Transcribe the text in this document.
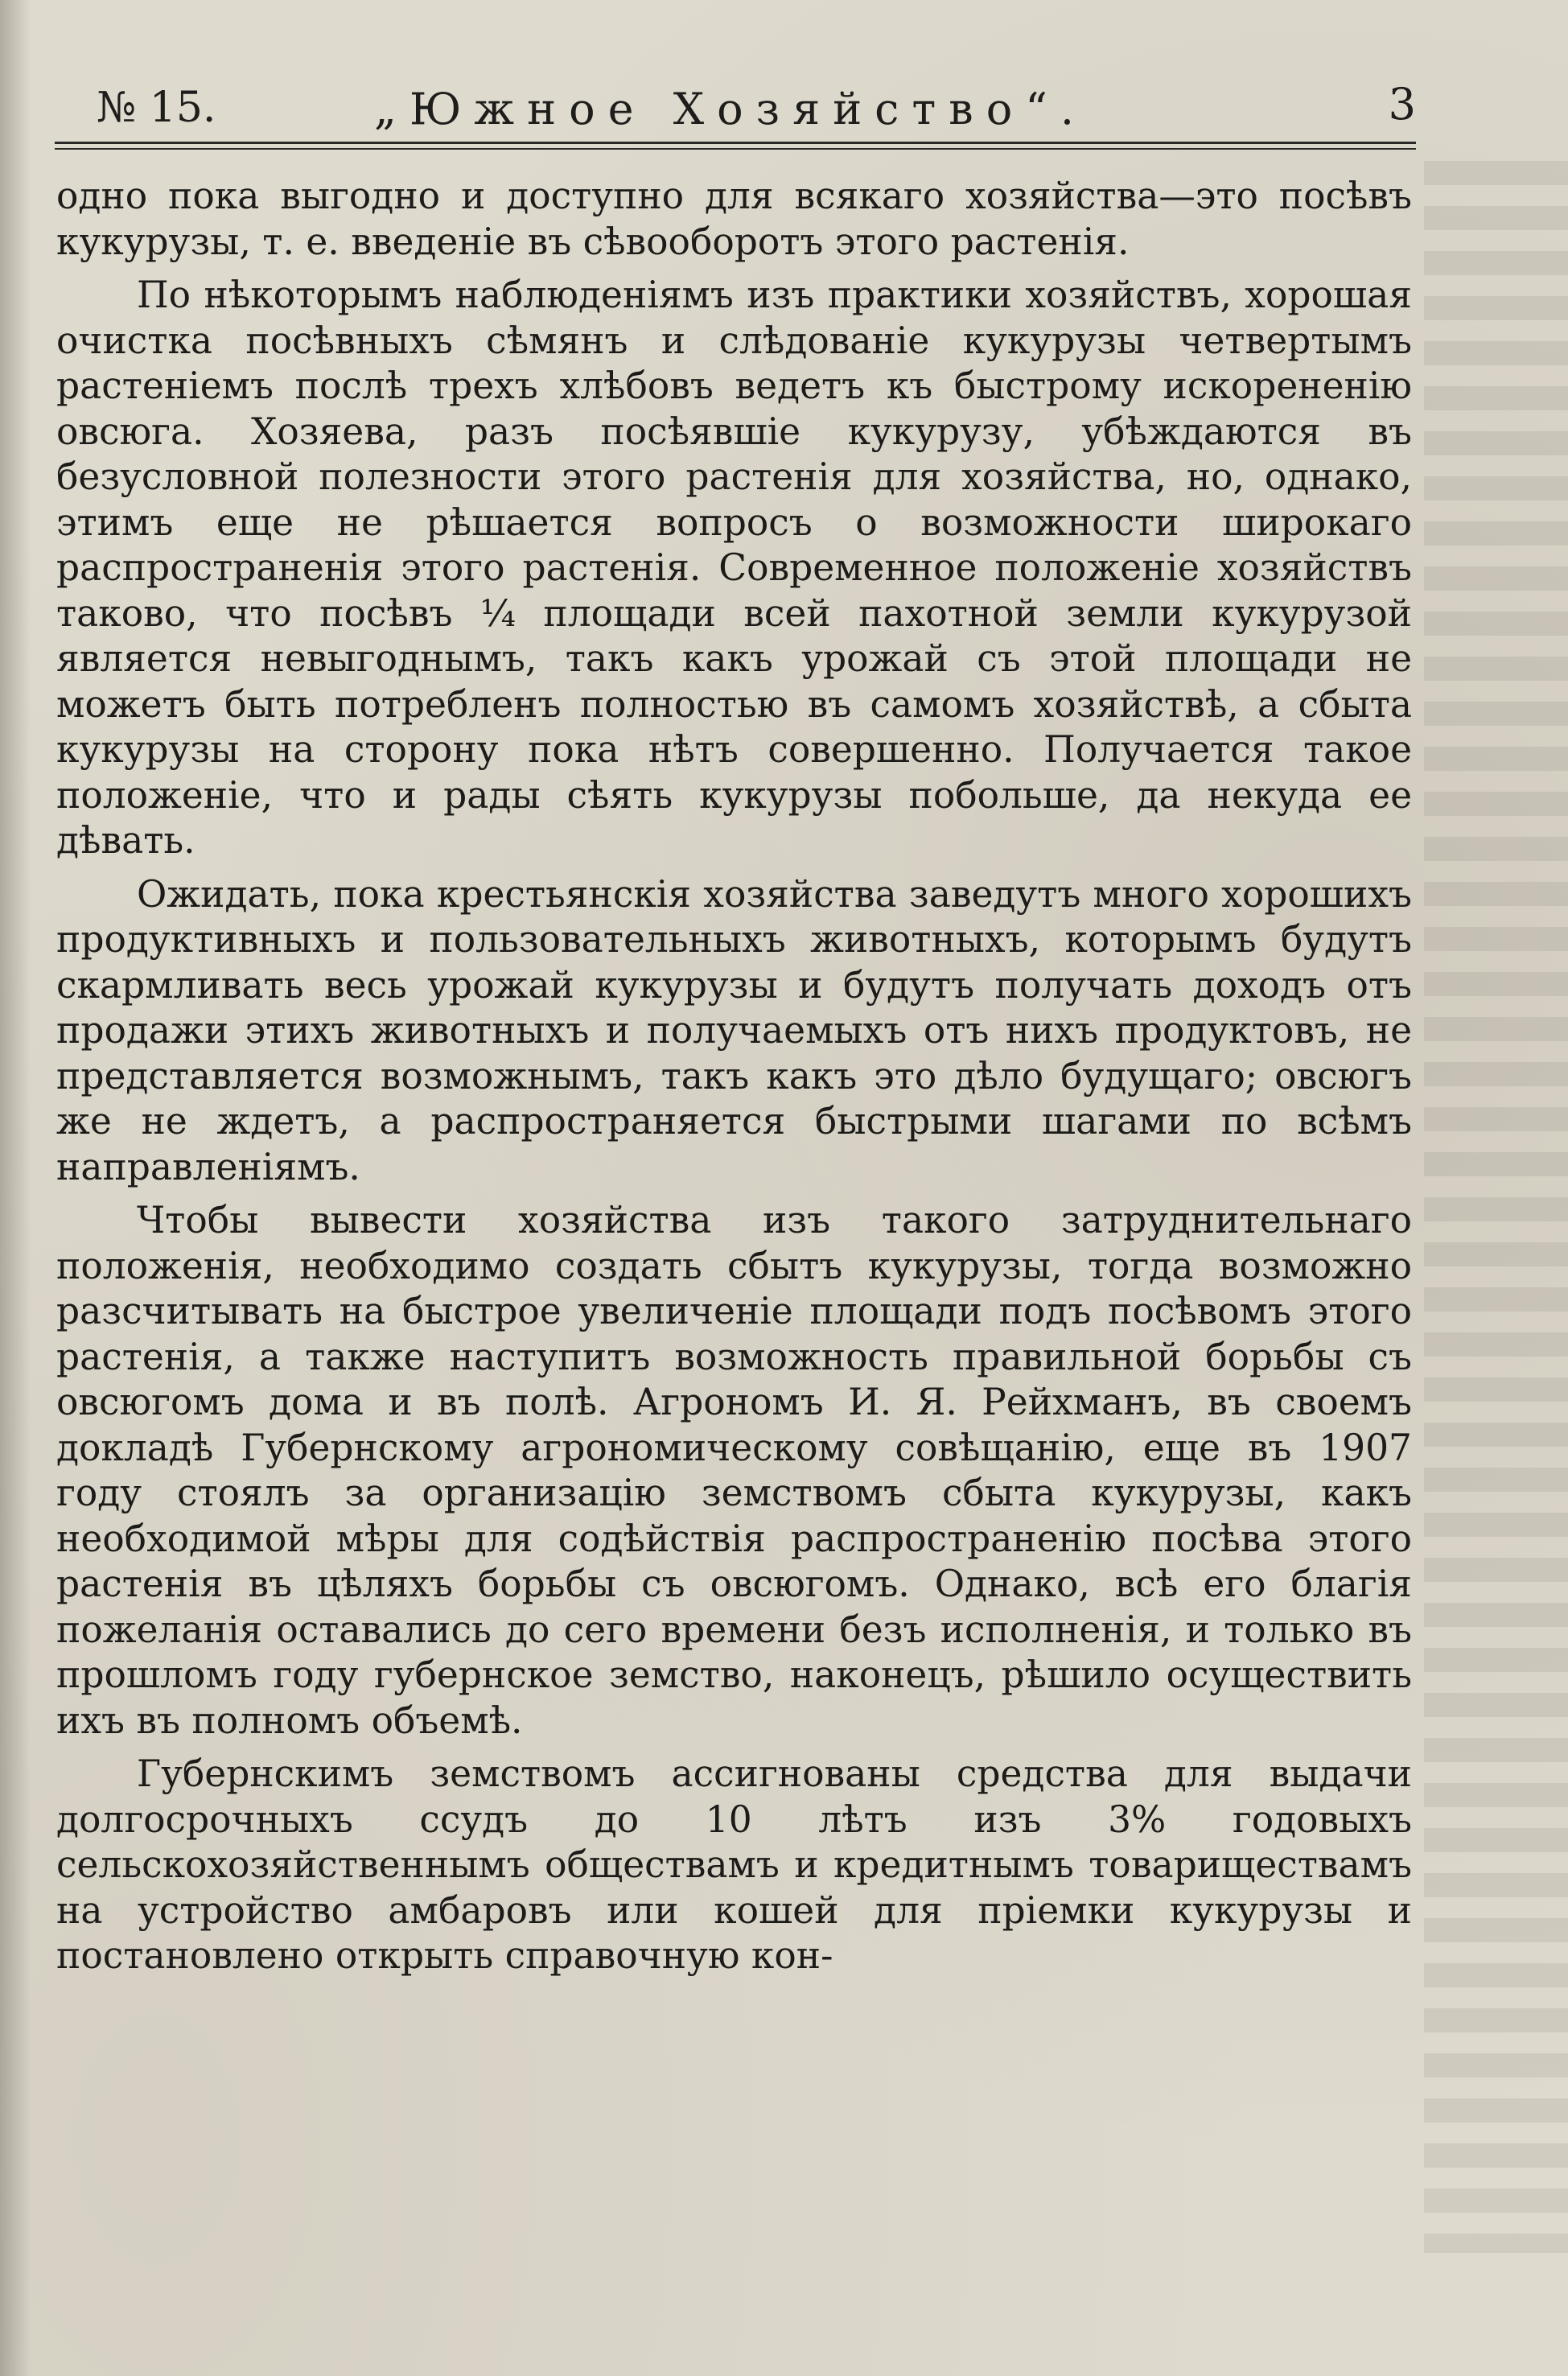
№ 15.	„Южное Хозяйство“.	3

одно пока выгодно и доступно для всякаго хозяйства—это посѣвъ кукурузы, т. е. введеніе въ сѣвооборотъ этого растенія.

По нѣкоторымъ наблюденіямъ изъ практики хозяйствъ, хорошая очистка посѣвныхъ сѣмянъ и слѣдованіе кукурузы четвертымъ растеніемъ послѣ трехъ хлѣбовъ ведетъ къ быстрому искорененію овсюга. Хозяева, разъ посѣявшіе кукурузу, убѣждаются въ безусловной полезности этого растенія для хозяйства, но, однако, этимъ еще не рѣшается вопросъ о возможности широкаго распространенія этого растенія. Современное положеніе хозяйствъ таково, что посѣвъ ¼ площади всей пахотной земли кукурузой является невыгоднымъ, такъ какъ урожай съ этой площади не можетъ быть потребленъ полностью въ самомъ хозяйствѣ, а сбыта кукурузы на сторону пока нѣтъ совершенно. Получается такое положеніе, что и рады сѣять кукурузы побольше, да некуда ее дѣвать.

Ожидать, пока крестьянскія хозяйства заведутъ много хорошихъ продуктивныхъ и пользовательныхъ животныхъ, которымъ будутъ скармливать весь урожай кукурузы и будутъ получать доходъ отъ продажи этихъ животныхъ и получаемыхъ отъ нихъ продуктовъ, не представляется возможнымъ, такъ какъ это дѣло будущаго; овсюгъ же не ждетъ, а распространяется быстрыми шагами по всѣмъ направленіямъ.

Чтобы вывести хозяйства изъ такого затруднительнаго положенія, необходимо создать сбытъ кукурузы, тогда возможно разсчитывать на быстрое увеличеніе площади подъ посѣвомъ этого растенія, а также наступитъ возможность правильной борьбы съ овсюгомъ дома и въ полѣ. Агрономъ И. Я. Рейхманъ, въ своемъ докладѣ Губернскому агрономическому совѣщанію, еще въ 1907 году стоялъ за организацію земствомъ сбыта кукурузы, какъ необходимой мѣры для содѣйствія распространенію посѣва этого растенія въ цѣляхъ борьбы съ овсюгомъ. Однако, всѣ его благія пожеланія оставались до сего времени безъ исполненія, и только въ прошломъ году губернское земство, наконецъ, рѣшило осуществить ихъ въ полномъ объемѣ.

Губернскимъ земствомъ ассигнованы средства для выдачи долгосрочныхъ ссудъ до 10 лѣтъ изъ 3% годовыхъ сельскохозяйственнымъ обществамъ и кредитнымъ товариществамъ на устройство амбаровъ или кошей для пріемки кукурузы и постановлено открыть справочную кон-
